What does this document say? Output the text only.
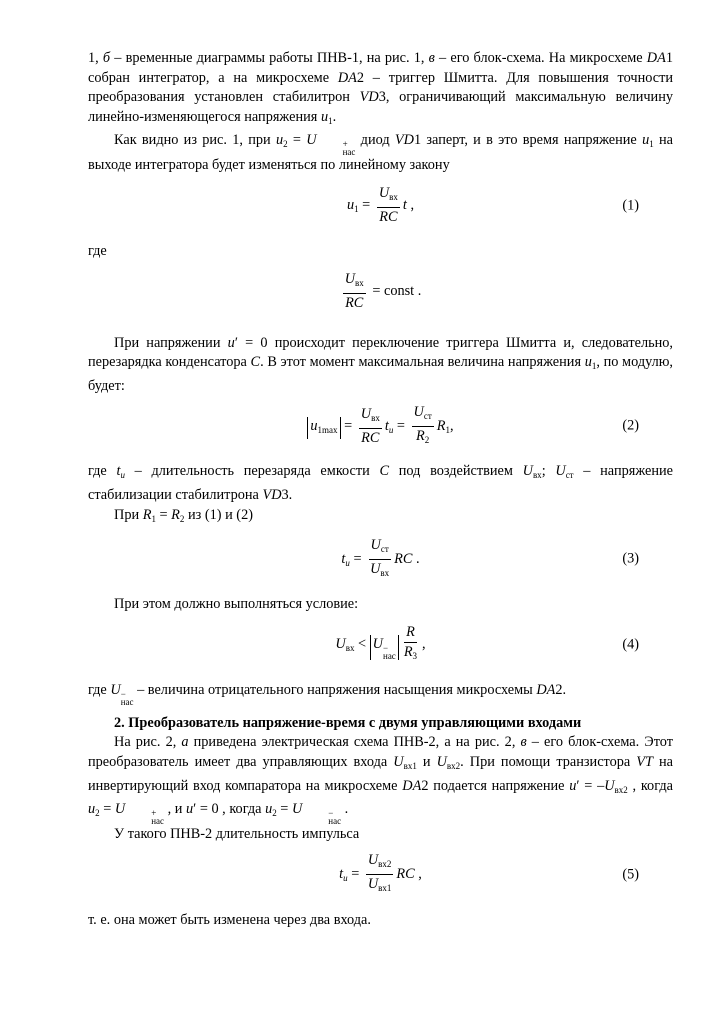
1, б – временные диаграммы работы ПНВ-1, на рис. 1, в – его блок-схема. На микросхеме DA1 собран интегратор, а на микросхеме DA2 – триггер Шмитта. Для повышения точности преобразования установлен стабилитрон VD3, ограничивающий максимальную величину линейно-изменяющегося напряжения $u_1$.

Как видно из рис. 1, при $u_2 = U$	+
нас
диод VD1 заперт, и в это время напряжение $u_1$ на выходе интегратора будет изменяться по линейному закону

$u_1 = \frac{U_{вх}}{RC}$ t ,	(1)

где

$\frac{U_{вх}}{RC}$ = const .

При напряжении u′ = 0 происходит переключение триггера Шмитта и, следовательно, перезарядка конденсатора C. В этот момент максимальная величина напряжения $u_1$, по модулю, будет:

$u_{1max} = \frac{U_{вх}}{RC} t_и = \frac{U_{ст}}{R_2} R_1$,	(2)

где $t_и$ – длительность перезаряда емкости C под воздействием $U_{вх}$; $U_{ст}$ – напряжение стабилизации стабилитрона VD3.

При $R_1 = R_2$ из (1) и (2)

$t_и = \frac{U_{ст}}{U_{вх}}$ RC .	(3)

При этом должно выполняться условие:

$U_{вх} < U$ −
нас $\frac{R}{R_3}$ ,	(4)

где U −
нас
– величина отрицательного напряжения насыщения микросхемы DA2.

2. Преобразователь напряжение-время с двумя управляющими входами

На рис. 2, а приведена электрическая схема ПНВ-2, а на рис. 2, в – его блок-схема. Этот преобразователь имеет два управляющих входа $U_{вх1}$ и $U_{вх2}$. При помощи транзистора VT на инвертирующий вход компаратора на микросхеме DA2 подается напряжение $u' = -U_{вх2}$ , когда $u_2 = U$	+
нас
, и u′ = 0 , когда $u_2 = U$	−
нас
.

У такого ПНВ-2 длительность импульса

$t_и = \frac{U_{вх2}}{U_{вх1}}$ RC ,	(5)

т. е. она может быть изменена через два входа.
